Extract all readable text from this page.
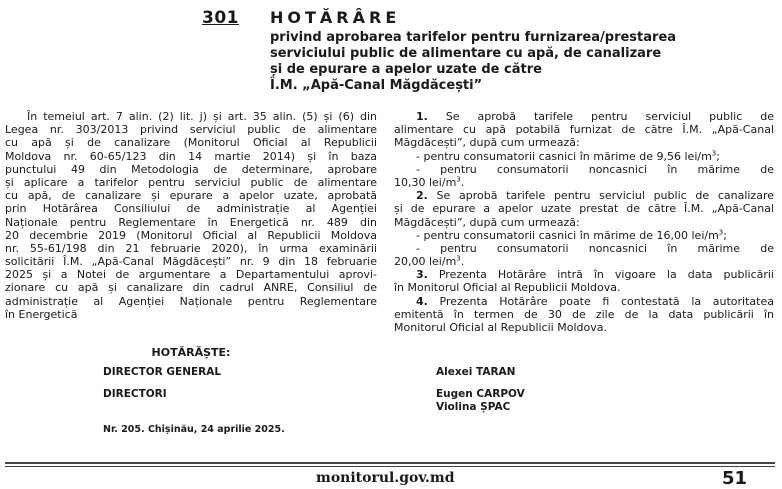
301 HOTĂRÂRE
privind aprobarea tarifelor pentru furnizarea/prestarea
serviciului public de alimentare cu apă, de canalizare
și de epurare a apelor uzate de către
Î.M. „Apă-Canal Măgdăcești”
În temeiul art. 7 alin. (2) lit. j) și art. 35 alin. (5) și (6) din
Legea nr. 303/2013 privind serviciul public de alimentare
cu apă și de canalizare (Monitorul Oficial al Republicii
Moldova nr. 60-65/123 din 14 martie 2014) și în baza
punctului 49 din Metodologia de determinare, aprobare
și aplicare a tarifelor pentru serviciul public de alimentare
cu apă, de canalizare și epurare a apelor uzate, aprobată
prin Hotărârea Consiliului de administrație al Agenției
Naționale pentru Reglementare în Energetică nr. 489 din
20 decembrie 2019 (Monitorul Oficial al Republicii Moldova
nr. 55-61/198 din 21 februarie 2020), în urma examinării
solicitării Î.M. „Apă-Canal Măgdăcești” nr. 9 din 18 februarie
2025 și a Notei de argumentare a Departamentului aprovi-
zionare cu apă și canalizare din cadrul ANRE, Consiliul de
administrație al Agenției Naționale pentru Reglementare
în Energetică
HOTĂRĂȘTE:
1. Se aprobă tarifele pentru serviciul public de
alimentare cu apă potabilă furnizat de către Î.M. „Apă-Canal
Măgdăcești”, după cum urmează:
- pentru consumatorii casnici în mărime de 9,56 lei/$m^3$;
- pentru consumatorii noncasnici în mărime de
10,30 lei/$m^3$.
2. Se aprobă tarifele pentru serviciul public de canalizare
și de epurare a apelor uzate prestat de către Î.M. „Apă-Canal
Măgdăcești”, după cum urmează:
- pentru consumatorii casnici în mărime de 16,00 lei/$m^3$;
- pentru consumatorii noncasnici în mărime de
20,00 lei/$m^3$.
3. Prezenta Hotărâre intră în vigoare la data publicării
în Monitorul Oficial al Republicii Moldova.
4. Prezenta Hotărâre poate fi contestată la autoritatea
emitentă în termen de 30 de zile de la data publicării în
Monitorul Oficial al Republicii Moldova.
DIRECTOR GENERAL
DIRECTORI
Alexei TARAN
Eugen CARPOV
Violina ȘPAC
Nr. 205. Chișinău, 24 aprilie 2025.
monitorul.gov.md	51
